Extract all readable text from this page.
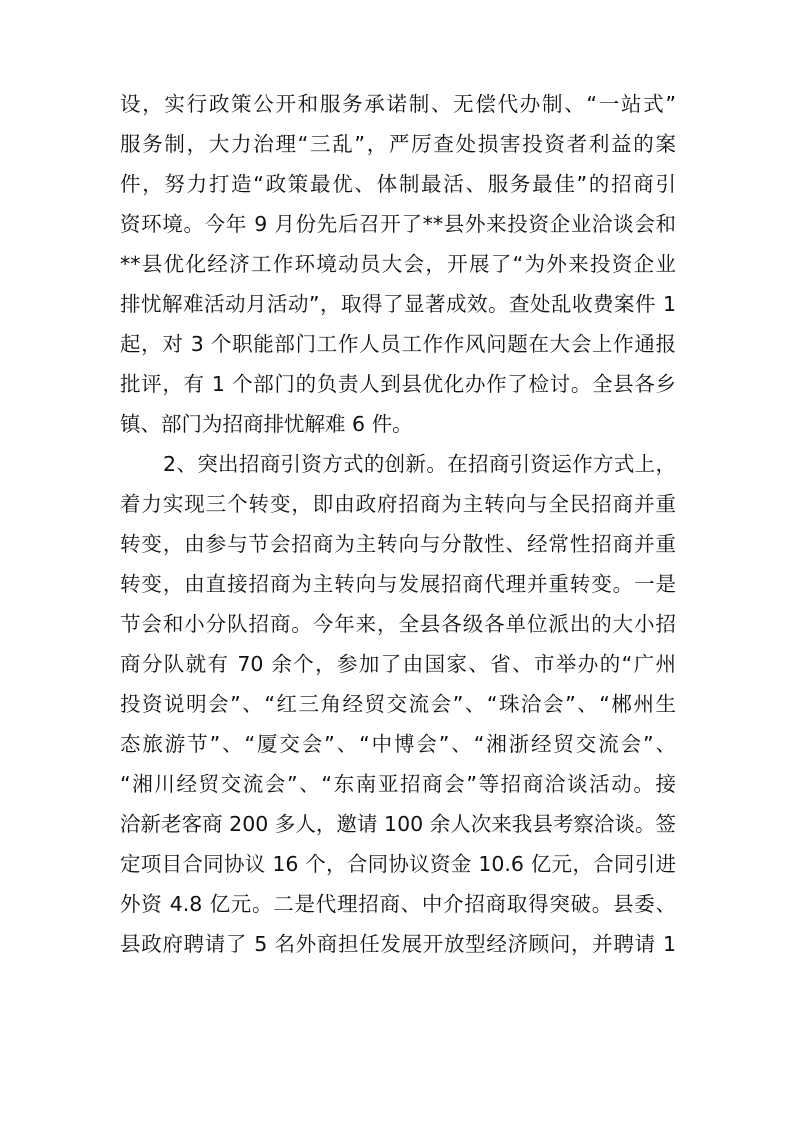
设，实行政策公开和服务承诺制、无偿代办制、“一站式”

服务制，大力治理“三乱”，严厉查处损害投资者利益的案

件，努力打造“政策最优、体制最活、服务最佳”的招商引

资环境。今年 9 月份先后召开了**县外来投资企业洽谈会和

**县优化经济工作环境动员大会，开展了“为外来投资企业

排忧解难活动月活动”，取得了显著成效。查处乱收费案件 1

起，对 3 个职能部门工作人员工作作风问题在大会上作通报

批评，有 1 个部门的负责人到县优化办作了检讨。全县各乡

镇、部门为招商排忧解难 6 件。

2、突出招商引资方式的创新。在招商引资运作方式上，

着力实现三个转变，即由政府招商为主转向与全民招商并重

转变，由参与节会招商为主转向与分散性、经常性招商并重

转变，由直接招商为主转向与发展招商代理并重转变。一是

节会和小分队招商。今年来，全县各级各单位派出的大小招

商分队就有 70 余个，参加了由国家、省、市举办的“广州

投资说明会”、“红三角经贸交流会”、“珠洽会”、“郴州生

态旅游节”、“厦交会”、“中博会”、“湘浙经贸交流会”、

“湘川经贸交流会”、“东南亚招商会”等招商洽谈活动。接

洽新老客商 200 多人，邀请 100 余人次来我县考察洽谈。签

定项目合同协议 16 个，合同协议资金 10.6 亿元，合同引进

外资 4.8 亿元。二是代理招商、中介招商取得突破。县委、

县政府聘请了 5 名外商担任发展开放型经济顾问，并聘请 1
